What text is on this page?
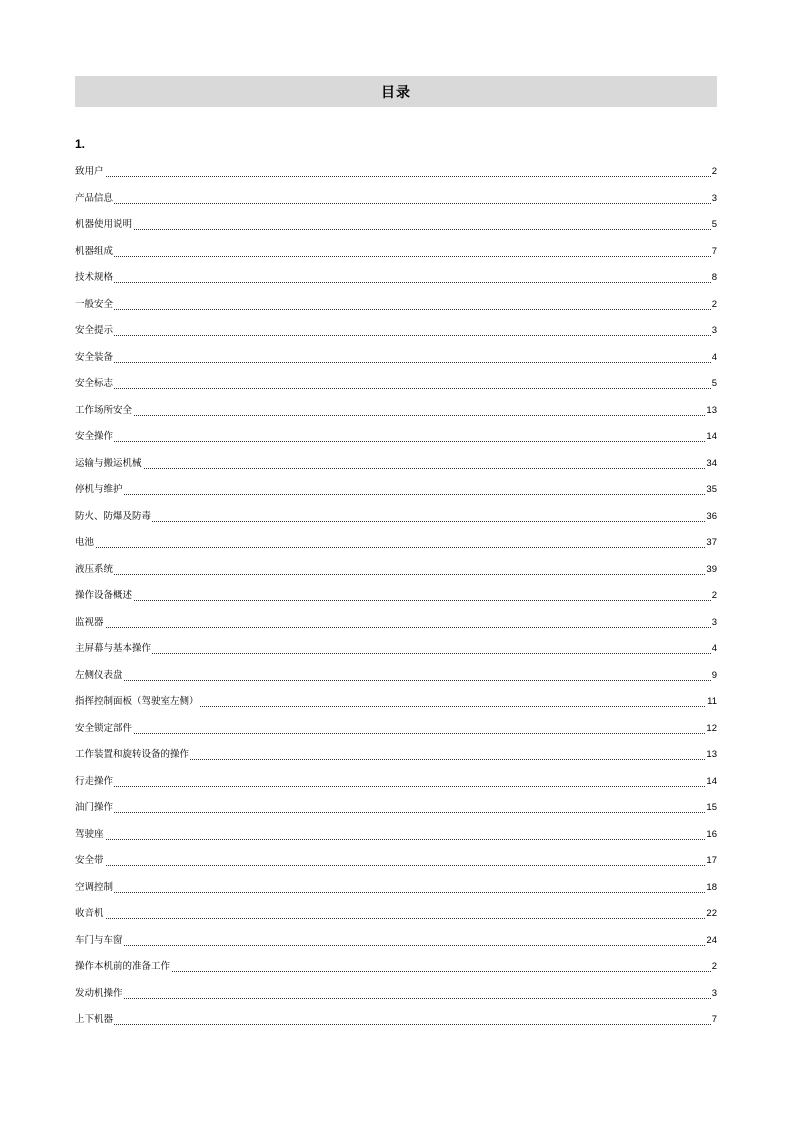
目录
1.
致用户	2
产品信息	3
机器使用说明	5
机器组成	7
技术规格	8
一般安全	2
安全提示	3
安全装备	4
安全标志	5
工作场所安全	13
安全操作	14
运输与搬运机械	34
停机与维护	35
防火、防爆及防毒	36
电池	37
液压系统	39
操作设备概述	2
监视器	3
主屏幕与基本操作	4
左侧仪表盘	9
指挥控制面板（驾驶室左侧）	11
安全锁定部件	12
工作装置和旋转设备的操作	13
行走操作	14
油门操作	15
驾驶座	16
安全带	17
空调控制	18
收音机	22
车门与车窗	24
操作本机前的准备工作	2
发动机操作	3
上下机器	7
